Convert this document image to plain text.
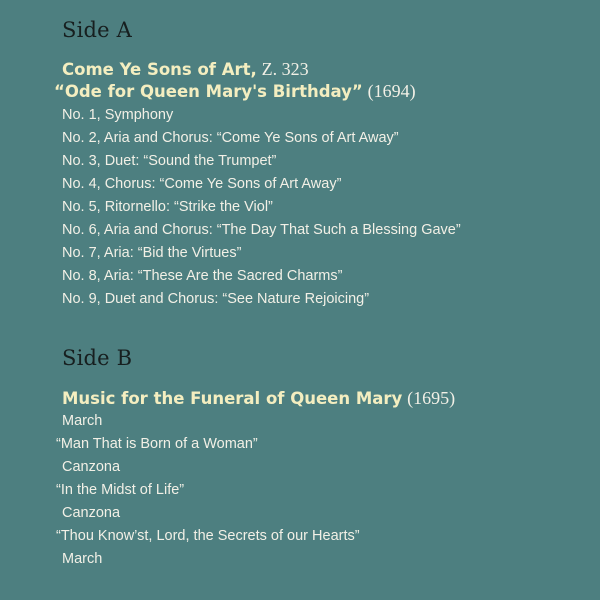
Side A

Come Ye Sons of Art, Z. 323

“Ode for Queen Mary's Birthday” (1694)

No. 1, Symphony
No. 2, Aria and Chorus: “Come Ye Sons of Art Away”
No. 3, Duet: “Sound the Trumpet”
No. 4, Chorus: “Come Ye Sons of Art Away”
No. 5, Ritornello: “Strike the Viol”
No. 6, Aria and Chorus: “The Day That Such a Blessing Gave”
No. 7, Aria: “Bid the Virtues”
No. 8, Aria: “These Are the Sacred Charms”
No. 9, Duet and Chorus: “See Nature Rejoicing”
Side B

Music for the Funeral of Queen Mary (1695)

March
“Man That is Born of a Woman”
Canzona
“In the Midst of Life”
Canzona
“Thou Know’st, Lord, the Secrets of our Hearts”
March
